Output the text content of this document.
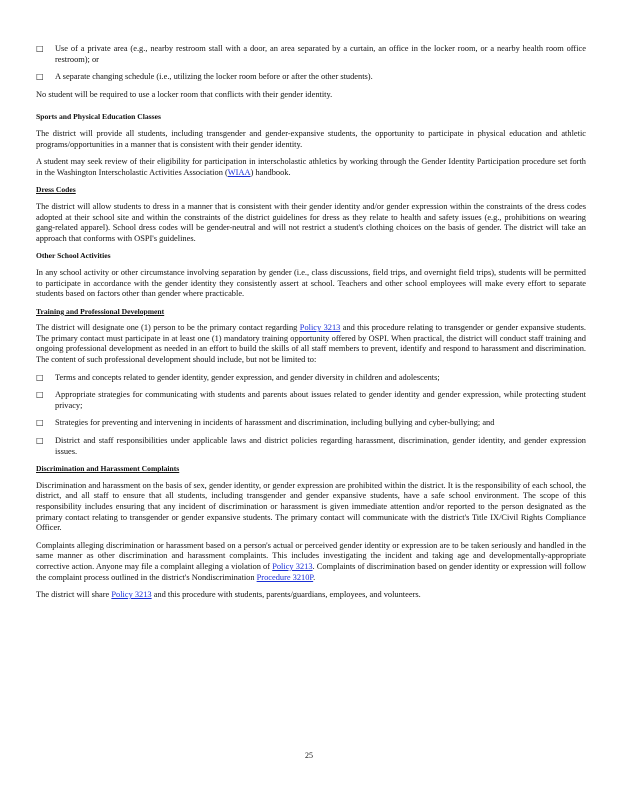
□	Use of a private area (e.g., nearby restroom stall with a door, an area separated by a curtain, an office in the locker room, or a nearby health room office restroom); or
□	A separate changing schedule (i.e., utilizing the locker room before or after the other students).

No student will be required to use a locker room that conflicts with their gender identity.

Sports and Physical Education Classes

The district will provide all students, including transgender and gender-expansive students, the opportunity to participate in physical education and athletic programs/opportunities in a manner that is consistent with their gender identity.

A student may seek review of their eligibility for participation in interscholastic athletics by working through the Gender Identity Participation procedure set forth in the Washington Interscholastic Activities Association (WIAA) handbook.

Dress Codes

The district will allow students to dress in a manner that is consistent with their gender identity and/or gender expression within the constraints of the dress codes adopted at their school site and within the constraints of the district guidelines for dress as they relate to health and safety issues (e.g., prohibitions on wearing gang-related apparel). School dress codes will be gender-neutral and will not restrict a student's clothing choices on the basis of gender. The district will take an approach that conforms with OSPI's guidelines.

Other School Activities

In any school activity or other circumstance involving separation by gender (i.e., class discussions, field trips, and overnight field trips), students will be permitted to participate in accordance with the gender identity they consistently assert at school. Teachers and other school employees will make every effort to separate students based on factors other than gender where practicable.

Training and Professional Development

The district will designate one (1) person to be the primary contact regarding Policy 3213 and this procedure relating to transgender or gender expansive students. The primary contact must participate in at least one (1) mandatory training opportunity offered by OSPI. When practical, the district will conduct staff training and ongoing professional development as needed in an effort to build the skills of all staff members to prevent, identify and respond to harassment and discrimination. The content of such professional development should include, but not be limited to:

□	Terms and concepts related to gender identity, gender expression, and gender diversity in children and adolescents;
□	Appropriate strategies for communicating with students and parents about issues related to gender identity and gender expression, while protecting student privacy;
□	Strategies for preventing and intervening in incidents of harassment and discrimination, including bullying and cyber-bullying; and
□	District and staff responsibilities under applicable laws and district policies regarding harassment, discrimination, gender identity, and gender expression issues.
Discrimination and Harassment Complaints

Discrimination and harassment on the basis of sex, gender identity, or gender expression are prohibited within the district. It is the responsibility of each school, the district, and all staff to ensure that all students, including transgender and gender expansive students, have a safe school environment. The scope of this responsibility includes ensuring that any incident of discrimination or harassment is given immediate attention and/or reported to the person designated as the primary contact relating to transgender or gender expansive students. The primary contact will communicate with the district's Title IX/Civil Rights Compliance Officer.

Complaints alleging discrimination or harassment based on a person's actual or perceived gender identity or expression are to be taken seriously and handled in the same manner as other discrimination and harassment complaints. This includes investigating the incident and taking age and developmentally-appropriate corrective action. Anyone may file a complaint alleging a violation of Policy 3213. Complaints of discrimination based on gender identity or expression will follow the complaint process outlined in the district's Nondiscrimination Procedure 3210P.

The district will share Policy 3213 and this procedure with students, parents/guardians, employees, and volunteers.

25
